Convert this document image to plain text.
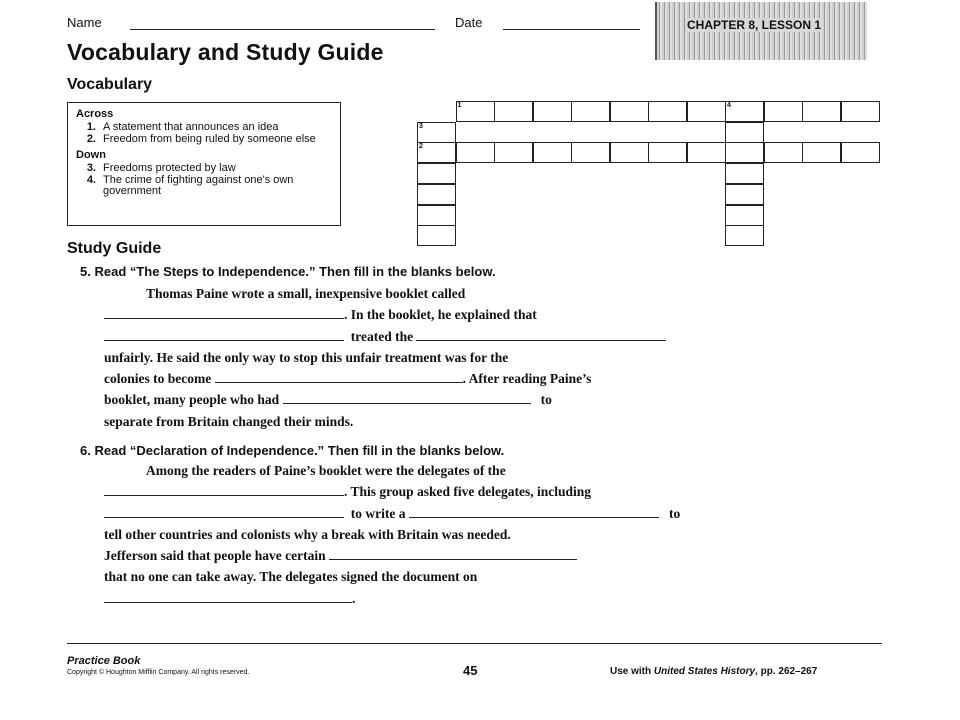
Name	Date	CHAPTER 8, LESSON 1
Vocabulary and Study Guide
Vocabulary
Across
1. A statement that announces an idea
2. Freedom from being ruled by someone else
Down
3. Freedoms protected by law
4. The crime of fighting against one's own government
1	4
2
3
Study Guide
5. Read “The Steps to Independence.” Then fill in the blanks below.
Thomas Paine wrote a small, inexpensive booklet called
. In the booklet, he explained that
treated the
unfairly. He said the only way to stop this unfair treatment was for the
colonies to become	. After reading Paine’s
booklet, many people who had	to
separate from Britain changed their minds.
6. Read “Declaration of Independence.” Then fill in the blanks below.
Among the readers of Paine’s booklet were the delegates of the
. This group asked five delegates, including
to write a	to
tell other countries and colonists why a break with Britain was needed.
Jefferson said that people have certain
that no one can take away. The delegates signed the document on
.
Practice Book
Copyright © Houghton Mifflin Company. All rights reserved.	45	Use with United States History, pp. 262–267
